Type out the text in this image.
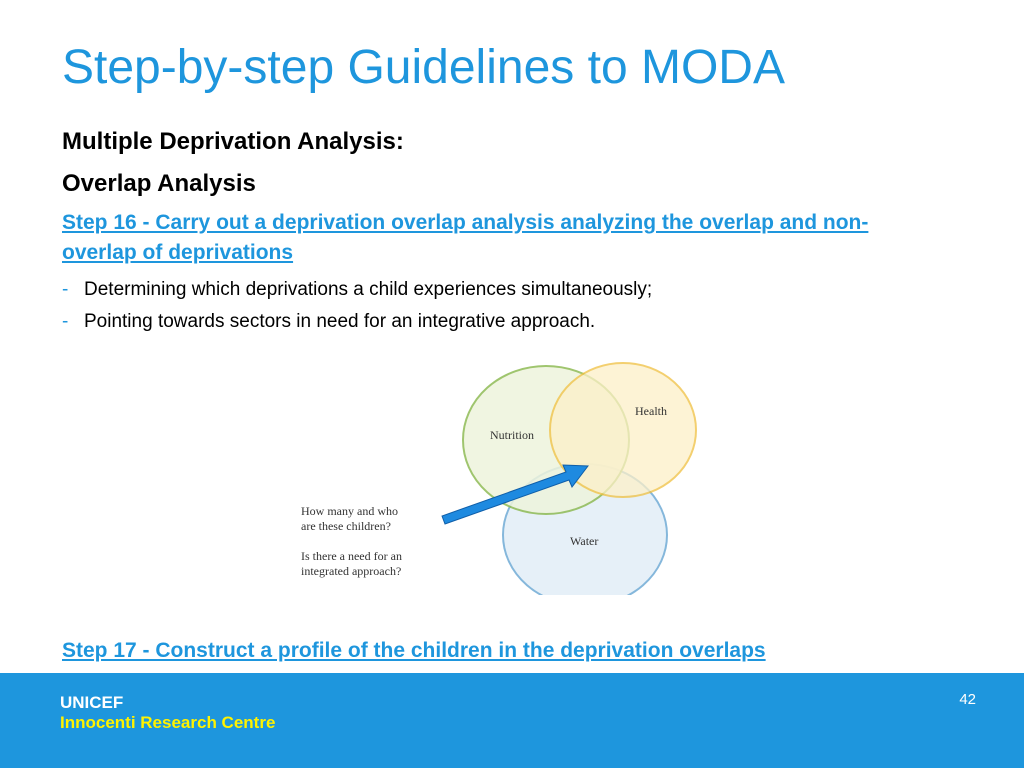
Step-by-step Guidelines to MODA

Multiple Deprivation Analysis:

Overlap Analysis

Step 16 - Carry out a deprivation overlap analysis analyzing the overlap and non-overlap of deprivations

- Determining which deprivations a child experiences simultaneously;
- Pointing towards sectors in need for an integrative approach.
Nutrition
Health
Water
How many and who
are these children?
Is there a need for an
integrated approach?

Step 17 - Construct a profile of the children in the deprivation overlaps

UNICEF
Innocenti Research Centre
42
